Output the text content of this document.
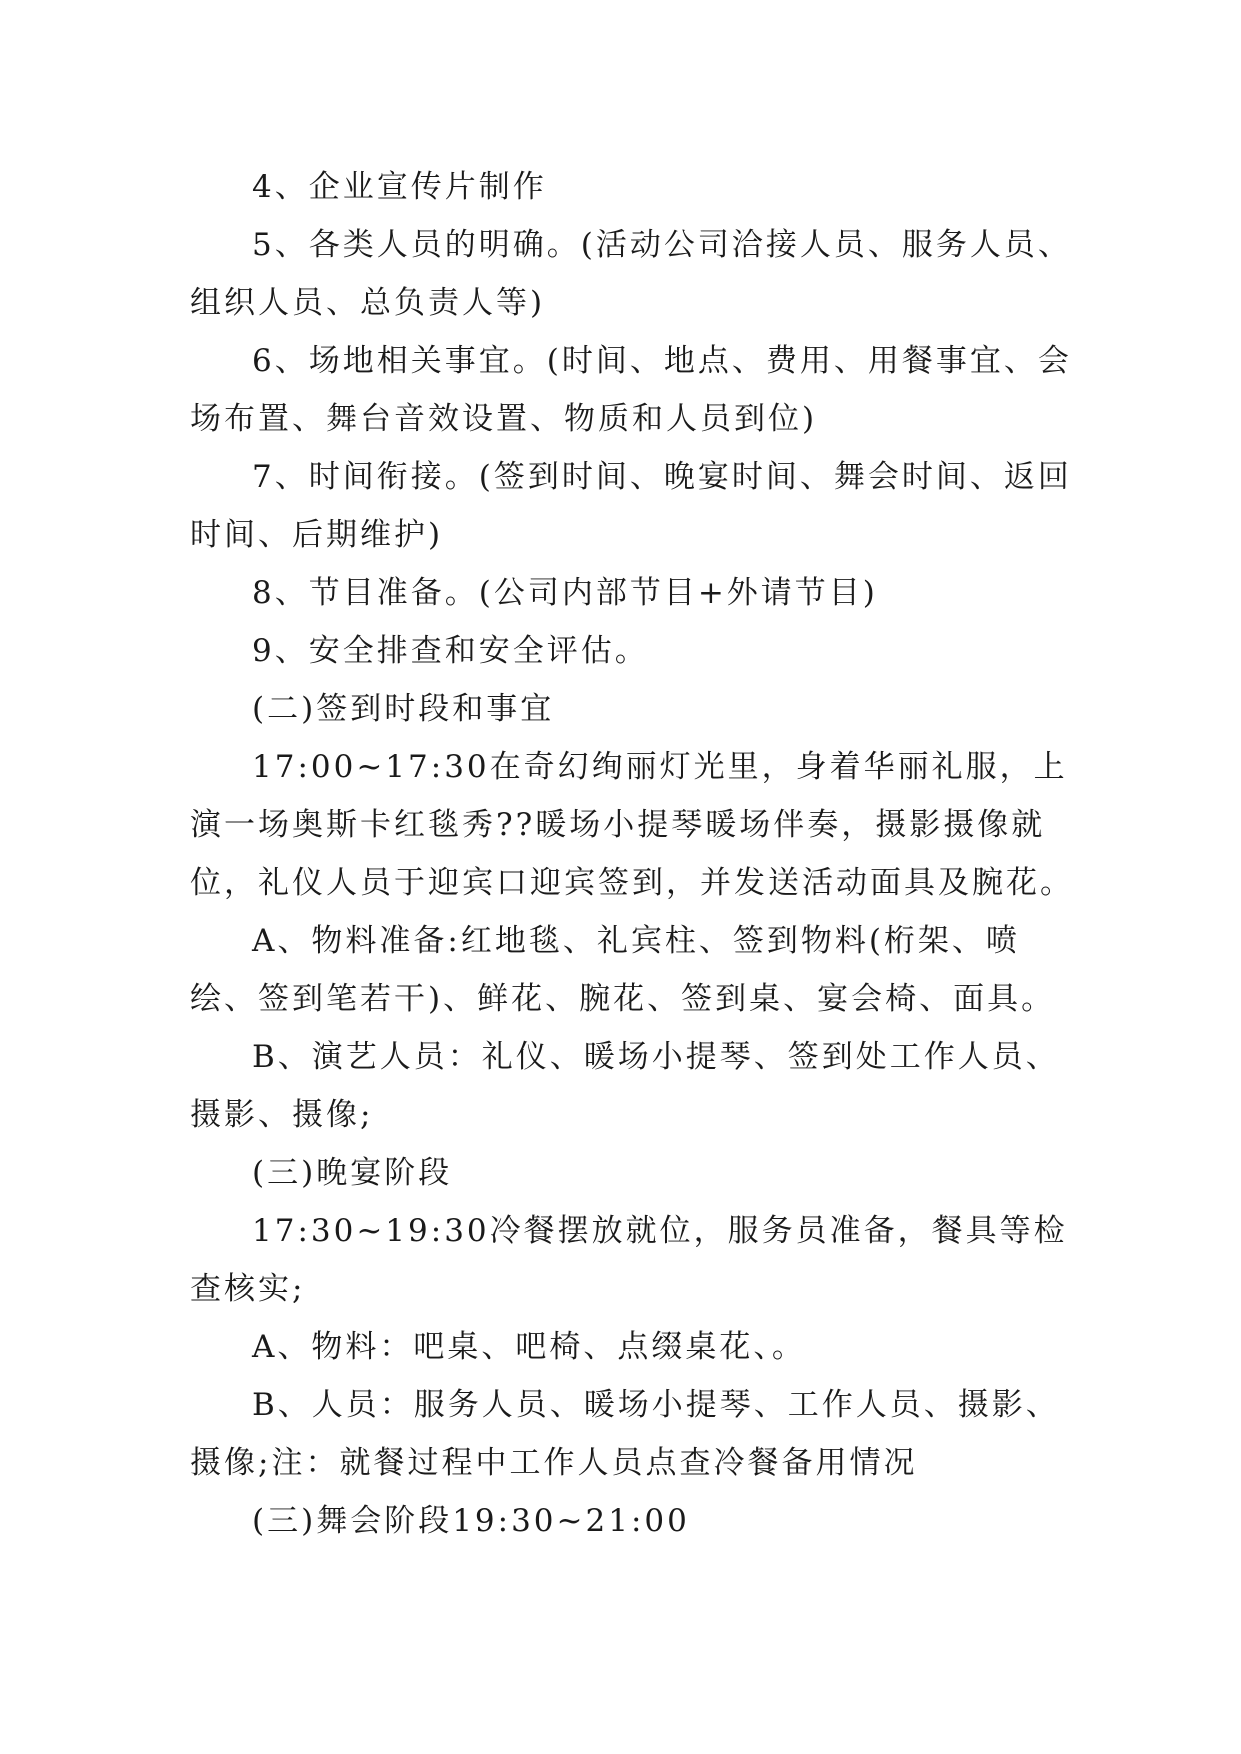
4、企业宣传片制作

5、各类人员的明确。(活动公司洽接人员、服务人员、组织人员、总负责人等)

6、场地相关事宜。(时间、地点、费用、用餐事宜、会场布置、舞台音效设置、物质和人员到位)

7、时间衔接。(签到时间、晚宴时间、舞会时间、返回时间、后期维护)

8、节目准备。(公司内部节目+外请节目)

9、安全排查和安全评估。

(二)签到时段和事宜

17:00~17:30在奇幻绚丽灯光里，身着华丽礼服，上演一场奥斯卡红毯秀??暖场小提琴暖场伴奏，摄影摄像就位，礼仪人员于迎宾口迎宾签到，并发送活动面具及腕花。

A、物料准备:红地毯、礼宾柱、签到物料(桁架、喷绘、签到笔若干)、鲜花、腕花、签到桌、宴会椅、面具。

B、演艺人员：礼仪、暖场小提琴、签到处工作人员、摄影、摄像;

(三)晚宴阶段

17:30~19:30冷餐摆放就位，服务员准备，餐具等检查核实;

A、物料：吧桌、吧椅、点缀桌花、。

B、人员：服务人员、暖场小提琴、工作人员、摄影、摄像;注：就餐过程中工作人员点查冷餐备用情况

(三)舞会阶段19:30~21:00
